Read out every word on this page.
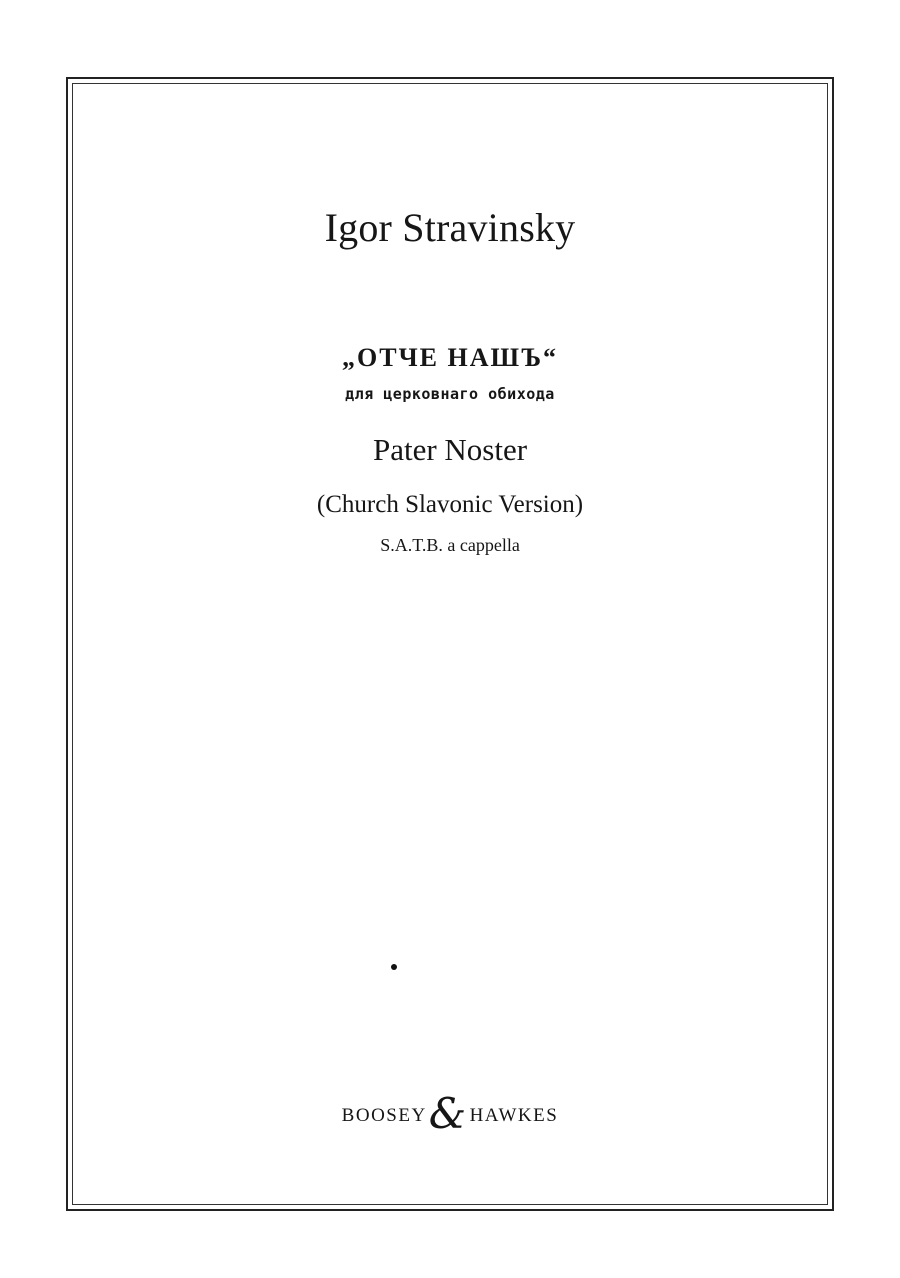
Igor Stravinsky
„ОТЧЕ НАШЪ“
для церковнаго обихода
Pater Noster
(Church Slavonic Version)
S.A.T.B. a cappella
BOOSEY & HAWKES
